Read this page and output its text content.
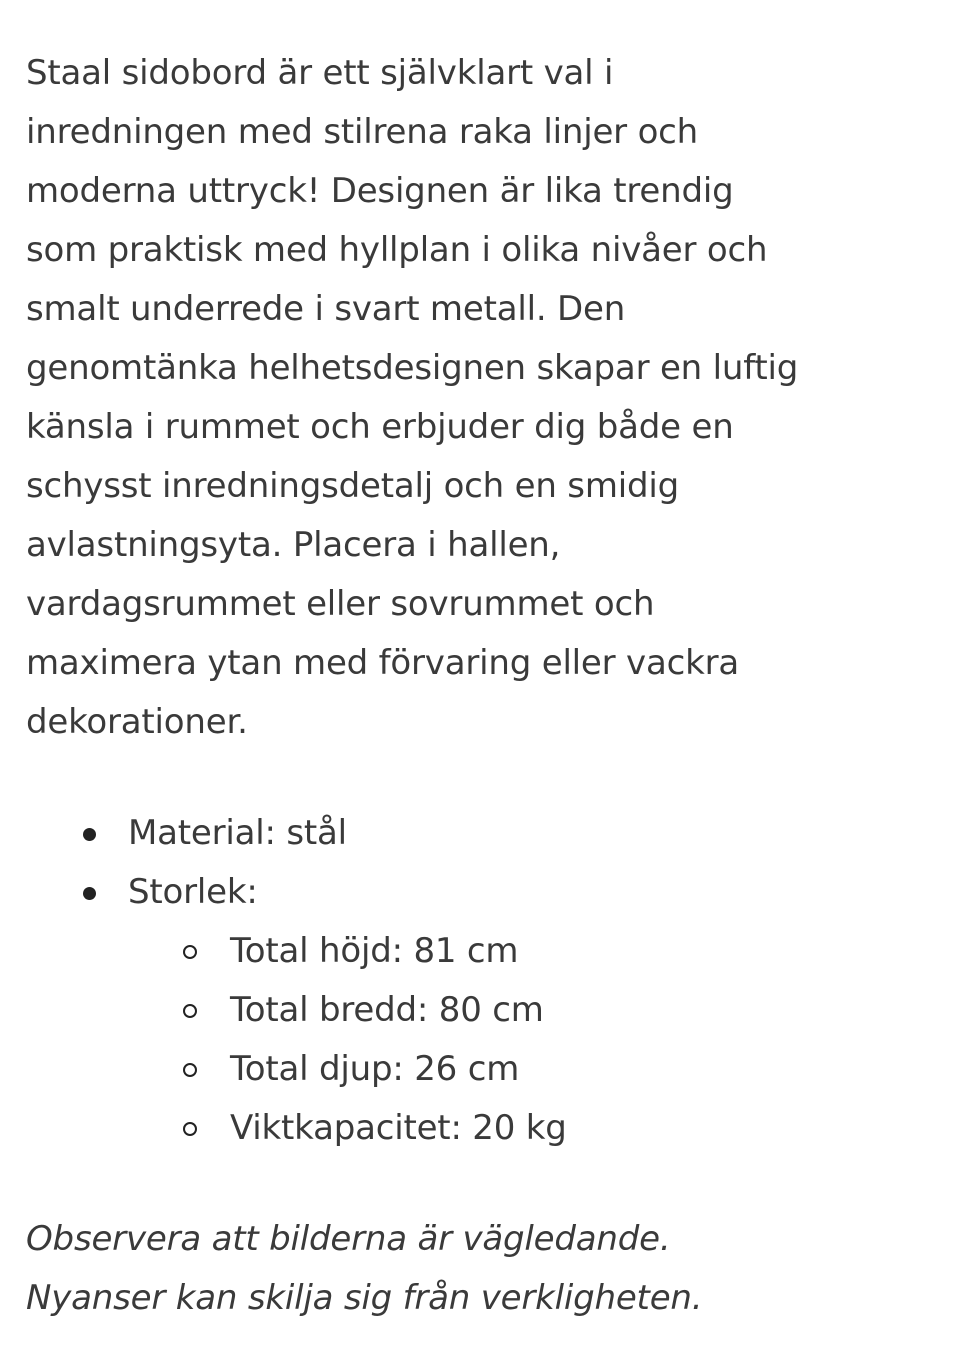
Staal sidobord är ett självklart val i
inredningen med stilrena raka linjer och
moderna uttryck! Designen är lika trendig
som praktisk med hyllplan i olika nivåer och
smalt underrede i svart metall. Den
genomtänka helhetsdesignen skapar en luftig
känsla i rummet och erbjuder dig både en
schysst inredningsdetalj och en smidig
avlastningsyta. Placera i hallen,
vardagsrummet eller sovrummet och
maximera ytan med förvaring eller vackra
dekorationer.

Material: stål
Storlek:
Total höjd: 81 cm
Total bredd: 80 cm
Total djup: 26 cm
Viktkapacitet: 20 kg

Observera att bilderna är vägledande.
Nyanser kan skilja sig från verkligheten.
